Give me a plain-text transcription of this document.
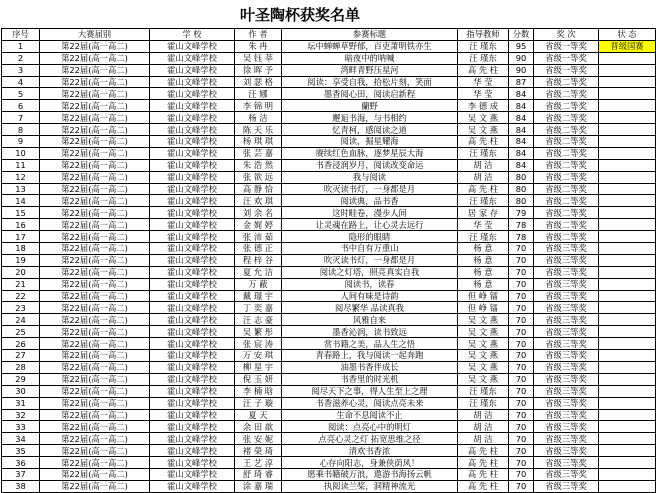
叶圣陶杯获奖名单
序号	大赛届别	学 校	作 者	参赛标题	指导教师	分数	奖 次	状 态
1	第22届(高一高二)	霍山文峰学校	朱 冉	坛中蝉蝉草野郁，百吏萧明铁亦生	汪 瑾东	95	省级一等奖	晋级国赛
2	第22届(高一高二)	霍山文峰学校	吴 钰 莘	暗夜中的呐喊	汪 瑾东	90	省级一等奖	
3	第22届(高一高二)	霍山文峰学校	徐 晖 予	湾畔青野压星河	高 先 柱	90	省级一等奖	
4	第22届(高一高二)	霍山文峰学校	刘 瑟 格	阅读：享受自我，拾松片刻，笑面	华 莹	87	省级二等奖	
5	第22届(高一高二)	霍山文峰学校	汪 娜	墨香阅心田，阅读启新程	华 莹	84	省级二等奖	
6	第22届(高一高二)	霍山文峰学校	李 锦 明	蘭野	李 德 成	84	省级二等奖	
7	第22届(高一高二)	霍山文峰学校	杨 洁	邂逅书海，与书相约	吴 文 燕	84	省级二等奖	
8	第22届(高一高二)	霍山文峰学校	陈 天 乐	忆青柯，感阅读之道	吴 文 燕	84	省级二等奖	
9	第22届(高一高二)	霍山文峰学校	杨 琪 琪	阅读，掘星耀海	高 先 柱	84	省级二等奖	
10	第22届(高一高二)	霍山文峰学校	张 芸 嘉	赓续红色血脉，逐梦星辰大海	汪 瑾东	84	省级二等奖	
11	第22届(高一高二)	霍山文峰学校	朱 浩 然	书香浸润岁月，阅读改变命运	胡 洁	84	省级二等奖	
12	第22届(高一高二)	霍山文峰学校	张 欲 远	我与阅读	胡 洁	80	省级二等奖	
13	第22届(高一高二)	霍山文峰学校	高 静 恰	吹灭读书灯，一身都是月	高 先 柱	80	省级二等奖	
14	第22届(高一高二)	霍山文峰学校	汪 欢 琪	阅读典，品书香	汪 瑾东	80	省级二等奖	
15	第22届(高一高二)	霍山文峰学校	刘 余 名	这时畦卷，漫步人间	居 家 存	79	省级二等奖	
16	第22届(高一高二)	霍山文峰学校	金 娓 婷	让灵魂在路上，让心灵去远行	华 莹	78	省级二等奖	
17	第22届(高一高二)	霍山文峰学校	张 沛 茹	隐形的眼睛	汪 瑾东	78	省级二等奖	
18	第22届(高一高二)	霍山文峰学校	张 德 正	书中自有万重山	杨 意	70	省级三等奖	
19	第22届(高一高二)	霍山文峰学校	程 梓 谷	吹灭读书灯，一身都是月	杨 意	70	省级三等奖	
20	第22届(高一高二)	霍山文峰学校	夏 允 洁	阅读之灯塔，照亮真实自我	杨 意	70	省级三等奖	
21	第22届(高一高二)	霍山文峰学校	万 蔽	阅读书，读春	杨 意	70	省级三等奖	
22	第22届(高一高二)	霍山文峰学校	戴 璟 宇	人间有味是诗韵	但 峥 镭	70	省级三等奖	
23	第22届(高一高二)	霍山文峰学校	丁 奕 嘉	阅尽繁华 品读真我	但 峥 镭	70	省级三等奖	
24	第22届(高一高二)	霍山文峰学校	汪 志 豪	风雅自来	吴 文 燕	70	省级三等奖	
25	第22届(高一高二)	霍山文峰学校	吴 繁 彤	墨香沁润，读书致远	吴 文 燕	70	省级三等奖	
26	第22届(高一高二)	霍山文峰学校	张 宸 涛	赏书籍之美，品人生之悟	吴 文 燕	70	省级三等奖	
27	第22届(高一高二)	霍山文峰学校	万 安 琪	青春路上，我与阅读一起奔跑	吴 文 燕	70	省级三等奖	
28	第22届(高一高二)	霍山文峰学校	柳 星 宇	油墨书香伴成长	吴 文 燕	70	省级三等奖	
29	第22届(高一高二)	霍山文峰学校	倪 玉 妍	书香里的时光机	吴 文 燕	70	省级三等奖	
30	第22届(高一高二)	霍山文峰学校	李 楠 晗	阅尽天下之事，得人生至上之理	汪 瑾东	70	省级三等奖	
31	第22届(高一高二)	霍山文峰学校	汪 子 璇	书香滋养心灵，阅读点亮未来	汪 瑾东	70	省级三等奖	
32	第22届(高一高二)	霍山文峰学校	夏 天	生命不息阅读不止	胡 洁	70	省级三等奖	
33	第22届(高一高二)	霍山文峰学校	余 田 歆	阅读：点亮心中的明灯	胡 洁	70	省级三等奖	
34	第22届(高一高二)	霍山文峰学校	张 安 妮	点亮心灵之灯 拓宽思维之径	胡 洁	70	省级三等奖	
35	第22届(高一高二)	霍山文峰学校	褚 榮 琦	清欢书香浓	高 先 柱	70	省级三等奖	
36	第22届(高一高二)	霍山文峰学校	王 艺 淳	心存向阳志，身兼侠荫风！	高 先 柱	70	省级三等奖	
37	第22届(高一高二)	霍山文峰学校	舒 琦 睿	愿乘书籍破万浪，遨游书海扬云帆	高 先 柱	70	省级三等奖	
38	第22届(高一高二)	霍山文峰学校	涂 嘉 瑞	执阅读兰桨，洞精神流光	高 先 柱	70	省级三等奖	
